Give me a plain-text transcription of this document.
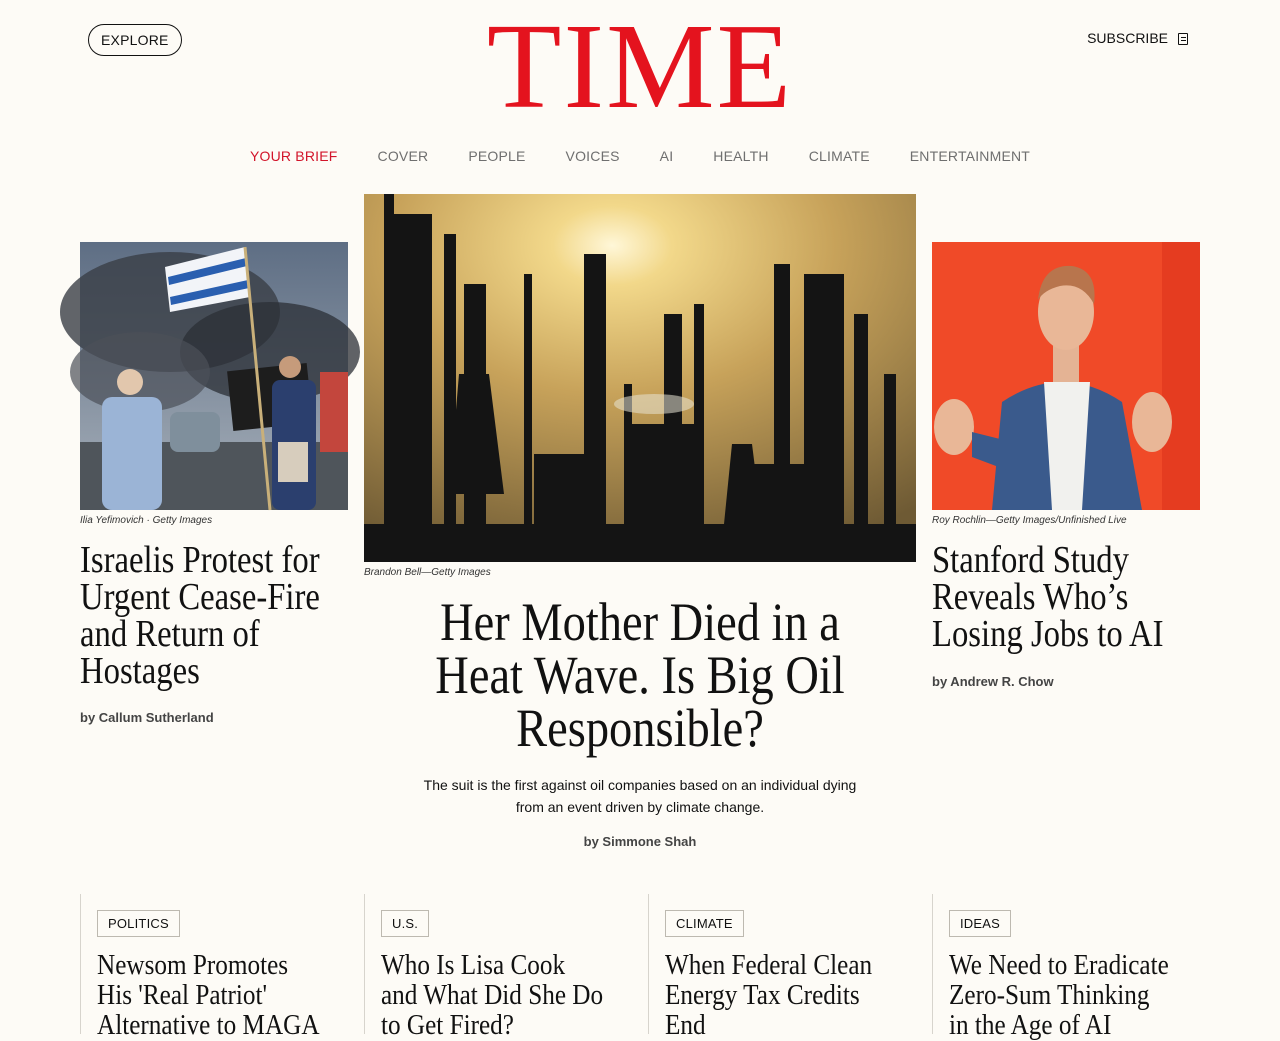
EXPLORE	TIME	SUBSCRIBE
YOUR BRIEF	COVER	PEOPLE	VOICES	AI	HEALTH	CLIMATE	ENTERTAINMENT
Ilia Yefimovich · Getty Images
Israelis Protest for Urgent Cease-Fire and Return of Hostages
by Callum Sutherland
Brandon Bell—Getty Images
Her Mother Died in a Heat Wave. Is Big Oil Responsible?
The suit is the first against oil companies based on an individual dying from an event driven by climate change.
by Simmone Shah
Roy Rochlin—Getty Images/Unfinished Live
Stanford Study Reveals Who’s Losing Jobs to AI
by Andrew R. Chow
POLITICS
Newsom Promotes His 'Real Patriot' Alternative to MAGA
U.S.
Who Is Lisa Cook and What Did She Do to Get Fired?
CLIMATE
When Federal Clean Energy Tax Credits End
IDEAS
We Need to Eradicate Zero-Sum Thinking in the Age of AI
